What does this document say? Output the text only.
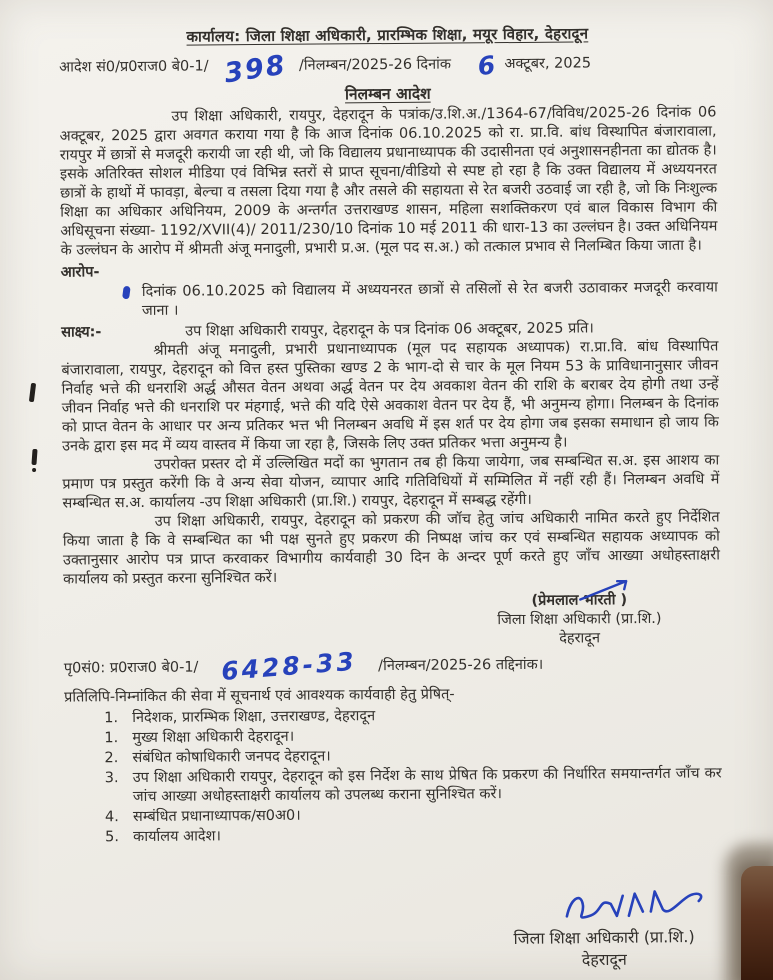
कार्यालय: जिला शिक्षा अधिकारी, प्रारम्भिक शिक्षा, मयूर विहार, देहरादून
आदेश सं0/प्र0राज0 बे0-1/ 398 /निलम्बन/2025-26 दिनांक 6 अक्टूबर, 2025
निलम्बन आदेश

उप शिक्षा अधिकारी, रायपुर, देहरादून के पत्रांक/उ.शि.अ./1364-67/विविध/2025-26 दिनांक 06 अक्टूबर, 2025 द्वारा अवगत कराया गया है कि आज दिनांक 06.10.2025 को रा. प्रा.वि. बांध विस्थापित बंजारावाला, रायपुर में छात्रों से मजदूरी करायी जा रही थी, जो कि विद्यालय प्रधानाध्यापक की उदासीनता एवं अनुशासनहीनता का द्योतक है। इसके अतिरिक्त सोशल मीडिया एवं विभिन्न स्तरों से प्राप्त सूचना/वीडियो से स्पष्ट हो रहा है कि उक्त विद्यालय में अध्ययनरत छात्रों के हाथों में फावड़ा, बेल्चा व तसला दिया गया है और तसले की सहायता से रेत बजरी उठवाई जा रही है, जो कि निःशुल्क शिक्षा का अधिकार अधिनियम, 2009 के अन्तर्गत उत्तराखण्ड शासन, महिला सशक्तिकरण एवं बाल विकास विभाग की अधिसूचना संख्या- 1192/XVII(4)/ 2011/230/10 दिनांक 10 मई 2011 की धारा-13 का उल्लंघन है। उक्त अधिनियम के उल्लंघन के आरोप में श्रीमती अंजू मनादुली, प्रभारी प्र.अ. (मूल पद स.अ.) को तत्काल प्रभाव से निलम्बित किया जाता है।

आरोप-
दिनांक 06.10.2025 को विद्यालय में अध्ययनरत छात्रों से तसिलों से रेत बजरी उठावाकर मजदूरी करवाया जाना ।
साक्ष्य:-	उप शिक्षा अधिकारी रायपुर, देहरादून के पत्र दिनांक 06 अक्टूबर, 2025 प्रति।

श्रीमती अंजू मनादुली, प्रभारी प्रधानाध्यापक (मूल पद सहायक अध्यापक) रा.प्रा.वि. बांध विस्थापित बंजारावाला, रायपुर, देहरादून को वित्त हस्त पुस्तिका खण्ड 2 के भाग-दो से चार के मूल नियम 53 के प्राविधानानुसार जीवन निर्वाह भत्ते की धनराशि अर्द्ध औसत वेतन अथवा अर्द्ध वेतन पर देय अवकाश वेतन की राशि के बराबर देय होगी तथा उन्हें जीवन निर्वाह भत्ते की धनराशि पर मंहगाई, भत्ते की यदि ऐसे अवकाश वेतन पर देय हैं, भी अनुमन्य होगा। निलम्बन के दिनांक को प्राप्त वेतन के आधार पर अन्य प्रतिकर भत्त भी निलम्बन अवधि में इस शर्त पर देय होगा जब इसका समाधान हो जाय कि उनके द्वारा इस मद में व्यय वास्तव में किया जा रहा है, जिसके लिए उक्त प्रतिकर भत्ता अनुमन्य है।

उपरोक्त प्रस्तर दो में उल्लिखित मदों का भुगतान तब ही किया जायेगा, जब सम्बन्धित स.अ. इस आशय का प्रमाण पत्र प्रस्तुत करेंगी कि वे अन्य सेवा योजन, व्यापार आदि गतिविधियों में सम्मिलित में नहीं रही हैं। निलम्बन अवधि में सम्बन्धित स.अ. कार्यालय -उप शिक्षा अधिकारी (प्रा.शि.) रायपुर, देहरादून में सम्बद्ध रहेंगी।

उप शिक्षा अधिकारी, रायपुर, देहरादून को प्रकरण की जॉच हेतु जांच अधिकारी नामित करते हुए निर्देशित किया जाता है कि वे सम्बन्धित का भी पक्ष सुनते हुए प्रकरण की निष्पक्ष जांच कर एवं सम्बन्धित सहायक अध्यापक को उक्तानुसार आरोप पत्र प्राप्त करवाकर विभागीय कार्यवाही 30 दिन के अन्दर पूर्ण करते हुए जाँच आख्या अधोहस्ताक्षरी कार्यालय को प्रस्तुत करना सुनिश्चित करें।

(प्रेमलाल भारती )
जिला शिक्षा अधिकारी (प्रा.शि.)
देहरादून
पृ0सं0: प्र0राज0 बे0-1/ 6428-33 /निलम्बन/2025-26 तद्दिनांक।
प्रतिलिपि-निम्नांकित की सेवा में सूचनार्थ एवं आवश्यक कार्यवाही हेतु प्रेषित्-
1. निदेशक, प्रारम्भिक शिक्षा, उत्तराखण्ड, देहरादून
1. मुख्य शिक्षा अधिकारी देहरादून।
2. संबंधित कोषाधिकारी जनपद देहरादून।
3. उप शिक्षा अधिकारी रायपुर, देहरादून को इस निर्देश के साथ प्रेषित कि प्रकरण की निर्धारित समयान्तर्गत जाँच कर जांच आख्या अधोहस्ताक्षरी कार्यालय को उपलब्ध कराना सुनिश्चित करें।
4. सम्बंधित प्रधानाध्यापक/स0अ0।
5. कार्यालय आदेश।
जिला शिक्षा अधिकारी (प्रा.शि.)
देहरादून
